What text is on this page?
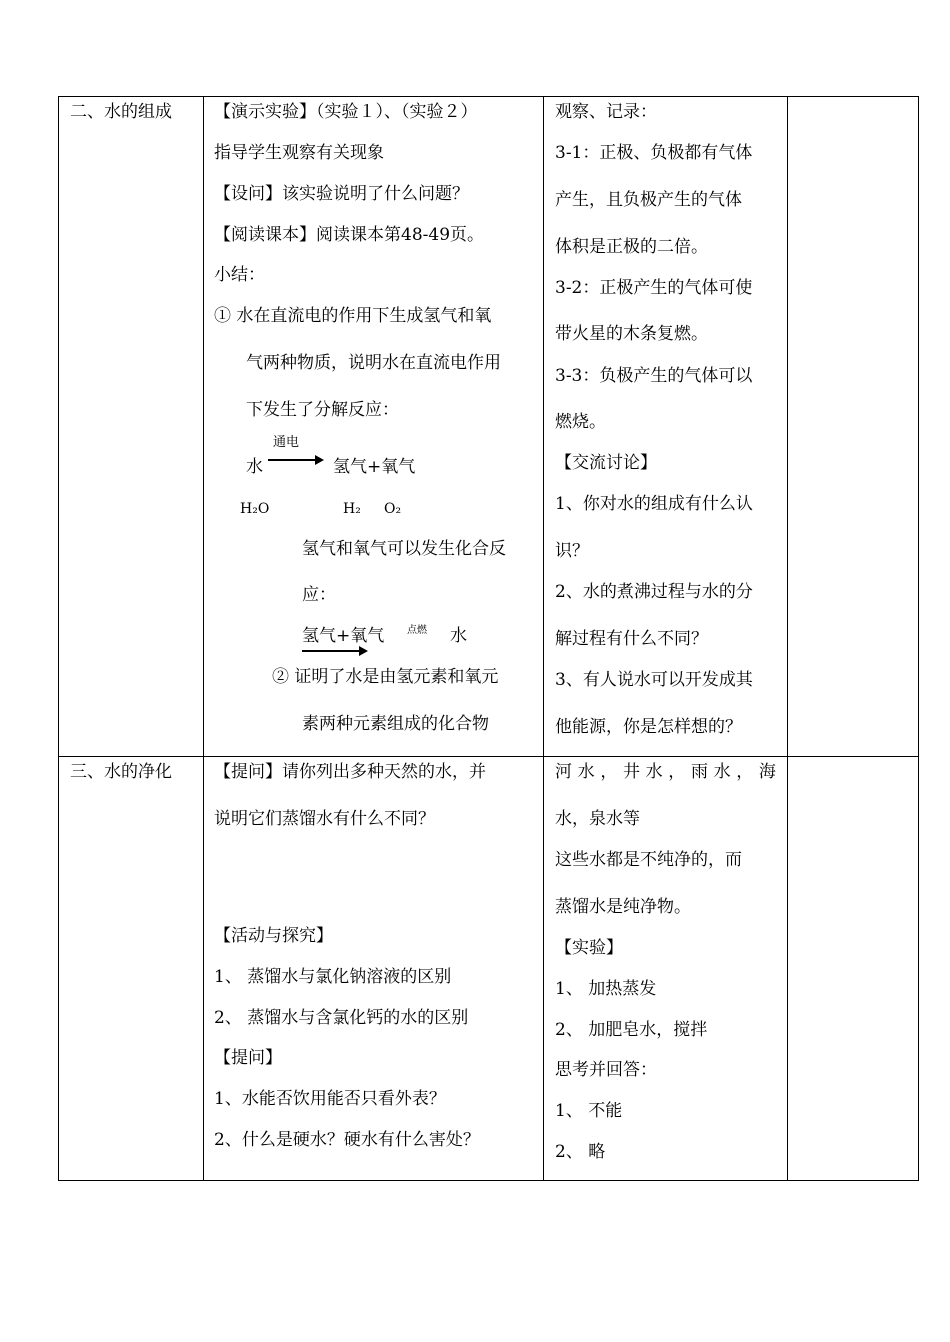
二、水的组成 【演示实验】（实验１）、（实验２）
指导学生观察有关现象
【设问】该实验说明了什么问题？
【阅读课本】阅读课本第48-49页。
小结：
① 水在直流电的作用下生成氢气和氧
气两种物质，说明水在直流电作用
下发生了分解反应：
通电
水	氢气+氧气
H₂O	H₂ O₂
氢气和氧气可以发生化合反
应：
氢气+氧气 点燃 水
② 证明了水是由氢元素和氧元
素两种元素组成的化合物
观察、记录：
3-1：正极、负极都有气体
产生，且负极产生的气体
体积是正极的二倍。
3-2：正极产生的气体可使
带火星的木条复燃。
3-3：负极产生的气体可以
燃烧。
【交流讨论】
1、你对水的组成有什么认
识？
2、水的煮沸过程与水的分
解过程有什么不同？
3、有人说水可以开发成其
他能源，你是怎样想的？
三、水的净化 【提问】请你列出多种天然的水，并
说明它们蒸馏水有什么不同？
【活动与探究】
1、 蒸馏水与氯化钠溶液的区别
2、 蒸馏水与含氯化钙的水的区别
【提问】
1、水能否饮用能否只看外表？
2、什么是硬水？硬水有什么害处？
河 水 ， 井 水 ， 雨 水 ， 海
水，泉水等
这些水都是不纯净的，而
蒸馏水是纯净物。
【实验】
1、 加热蒸发
2、 加肥皂水，搅拌
思考并回答：
1、 不能
2、 略
